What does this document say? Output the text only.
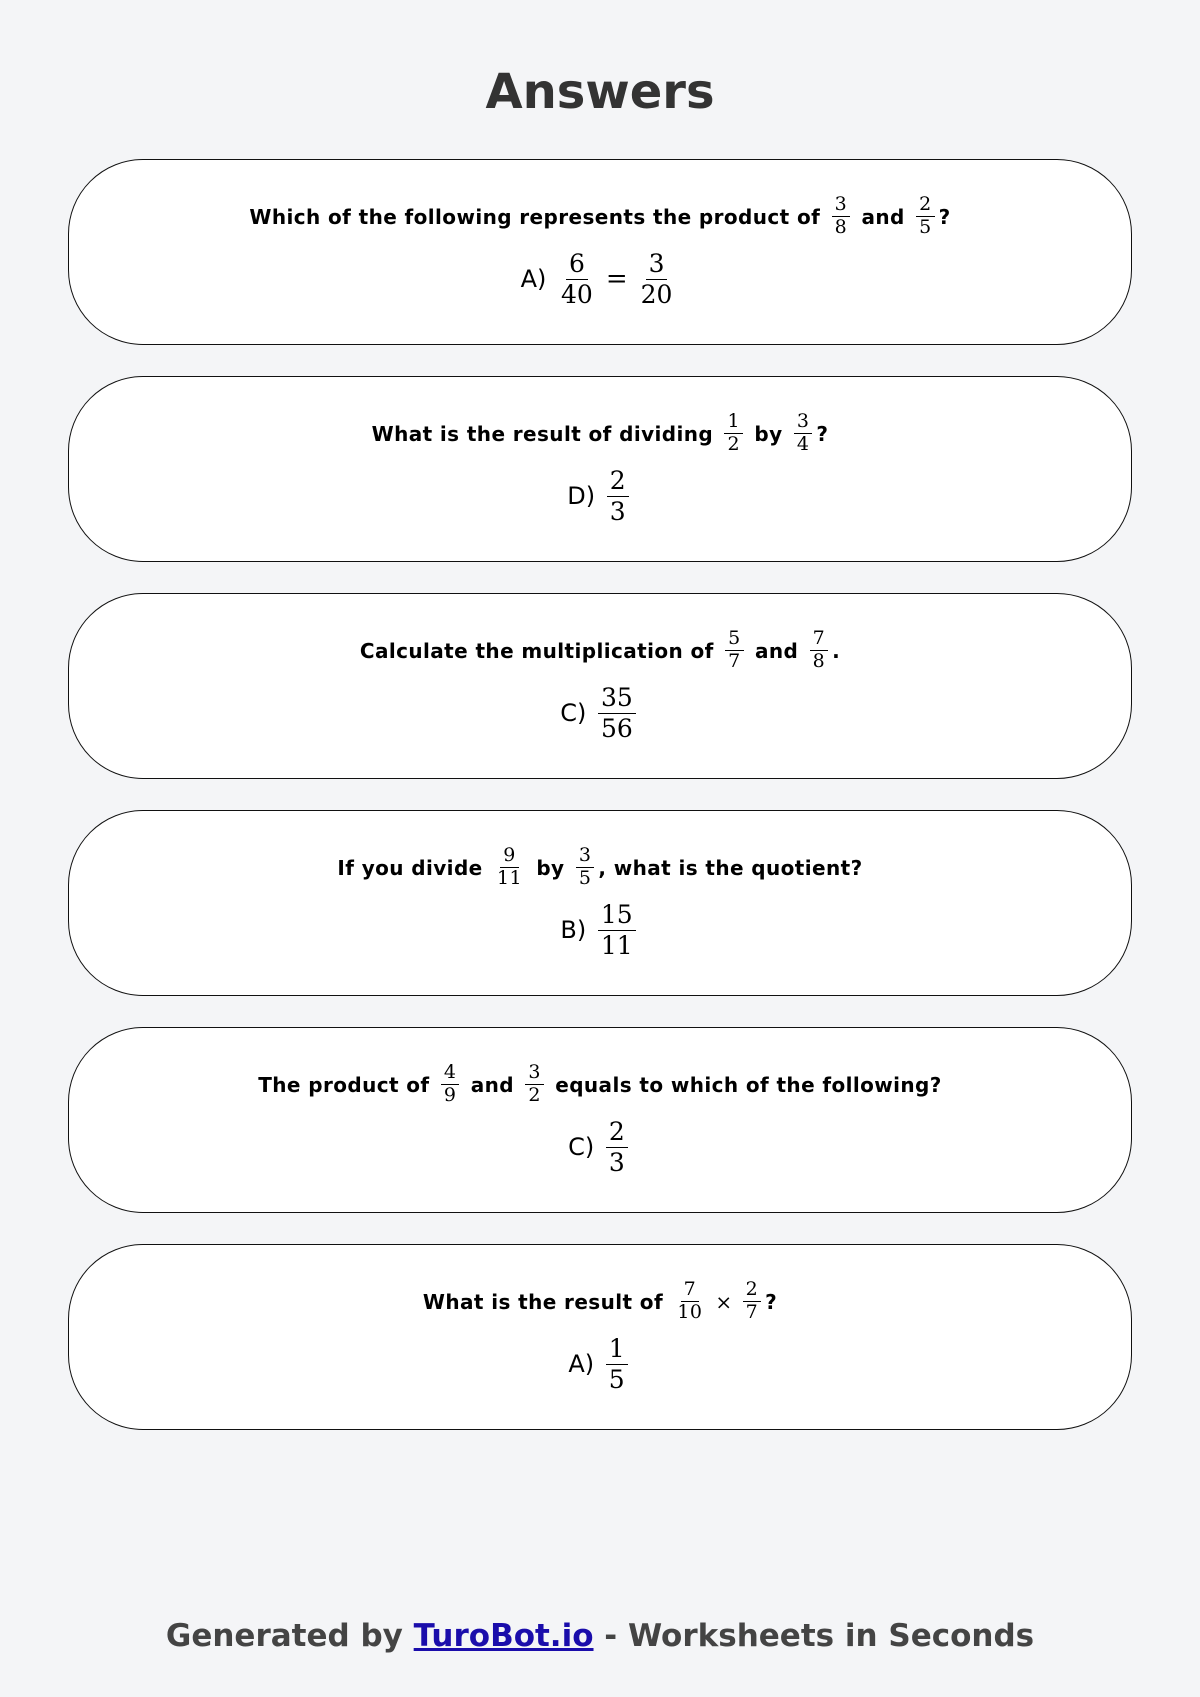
Answers
Which of the following represents the product of $\frac{3}{8}$ and $\frac{2}{5}$ ?
$A) \frac{6}{40} = \frac{3}{20}$
What is the result of dividing $\frac{1}{2}$ by $\frac{3}{4}$ ?
$D) \frac{2}{3}$
Calculate the multiplication of $\frac{5}{7}$ and $\frac{7}{8}$ .
$C) \frac{35}{56}$
If you divide $\frac{9}{11}$ by $\frac{3}{5}$ , what is the quotient?
$B) \frac{15}{11}$
The product of $\frac{4}{9}$ and $\frac{3}{2}$ equals to which of the following?
$C) \frac{2}{3}$
What is the result of $\frac{7}{10} \times \frac{2}{7}$ ?
$A) \frac{1}{5}$
Generated by TuroBot.io - Worksheets in Seconds
